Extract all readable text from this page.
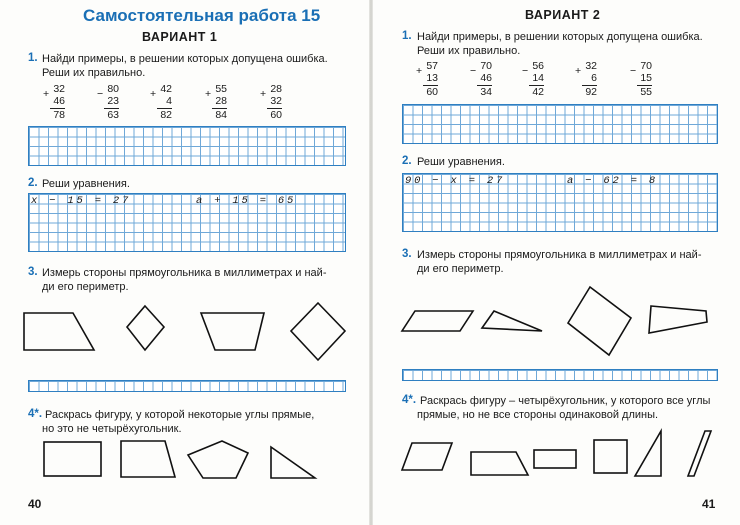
Самостоятельная работа 15
ВАРИАНТ 1
1. Найди примеры, в решении которых допущена ошибка.
Реши их правильно.
+ 32
46
78
− 80
23
63
+ 42
4
82
+ 55
28
84
+ 28
32
60
2. Реши уравнения.
x − 15 = 27	a + 15 = 65
3. Измерь стороны прямоугольника в миллиметрах и най-
ди его периметр.
4*. Раскрась фигуру, у которой некоторые углы прямые,
но это не четырёхугольник.
40
ВАРИАНТ 2
1. Найди примеры, в решении которых допущена ошибка.
Реши их правильно.
+ 57
13
60
− 70
46
34
− 56
14
42
+ 32
6
92
− 70
15
55
2. Реши уравнения.
90 − x = 27	a − 62 = 8
3. Измерь стороны прямоугольника в миллиметрах и най-
ди его периметр.
4*. Раскрась фигуру – четырёхугольник, у которого все углы
прямые, но не все стороны одинаковой длины.
41
